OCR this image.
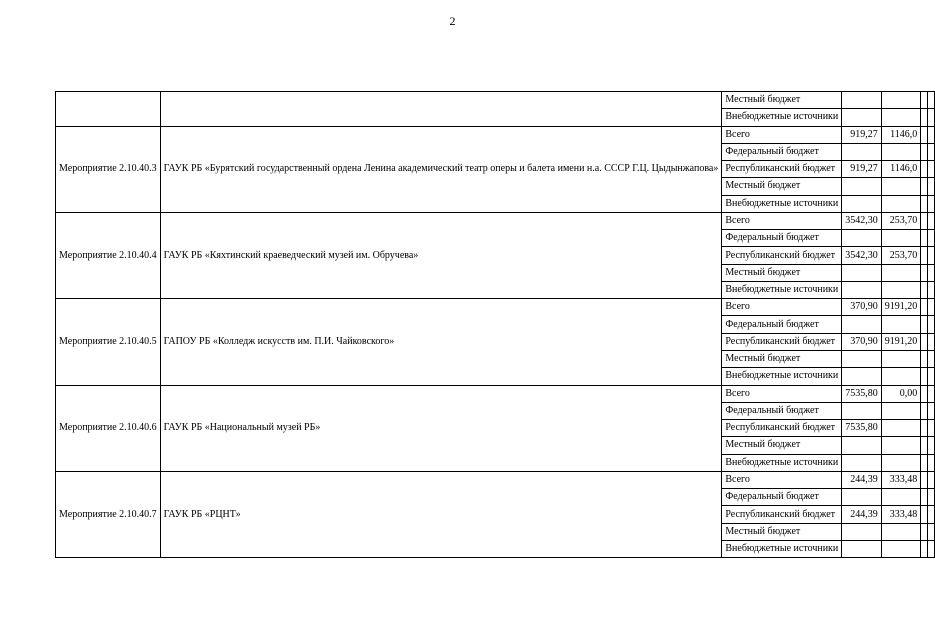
2
		Местный бюджет				
		Внебюджетные источники				
Мероприятие 2.10.40.3	ГАУК РБ «Бурятский государственный ордена Ленина академический театр оперы и балета имени н.а. СССР Г.Ц. Цыдынжапова»	Всего	919,27	1146,0		
		Федеральный бюджет				
		Республиканский бюджет	919,27	1146,0		
		Местный бюджет				
		Внебюджетные источники				
Мероприятие 2.10.40.4	ГАУК РБ «Кяхтинский краеведческий музей им. Обручева»	Всего	3542,30	253,70		
		Федеральный бюджет				
		Республиканский бюджет	3542,30	253,70		
		Местный бюджет				
		Внебюджетные источники				
Мероприятие 2.10.40.5	ГАПОУ РБ «Колледж искусств им. П.И. Чайковского»	Всего	370,90	9191,20		
		Федеральный бюджет				
		Республиканский бюджет	370,90	9191,20		
		Местный бюджет				
		Внебюджетные источники				
Мероприятие 2.10.40.6	ГАУК РБ «Национальный музей РБ»	Всего	7535,80	0,00		
		Федеральный бюджет				
		Республиканский бюджет	7535,80			
		Местный бюджет				
		Внебюджетные источники				
Мероприятие 2.10.40.7	ГАУК РБ «РЦНТ»	Всего	244,39	333,48		
		Федеральный бюджет				
		Республиканский бюджет	244,39	333,48		
		Местный бюджет				
		Внебюджетные источники				
